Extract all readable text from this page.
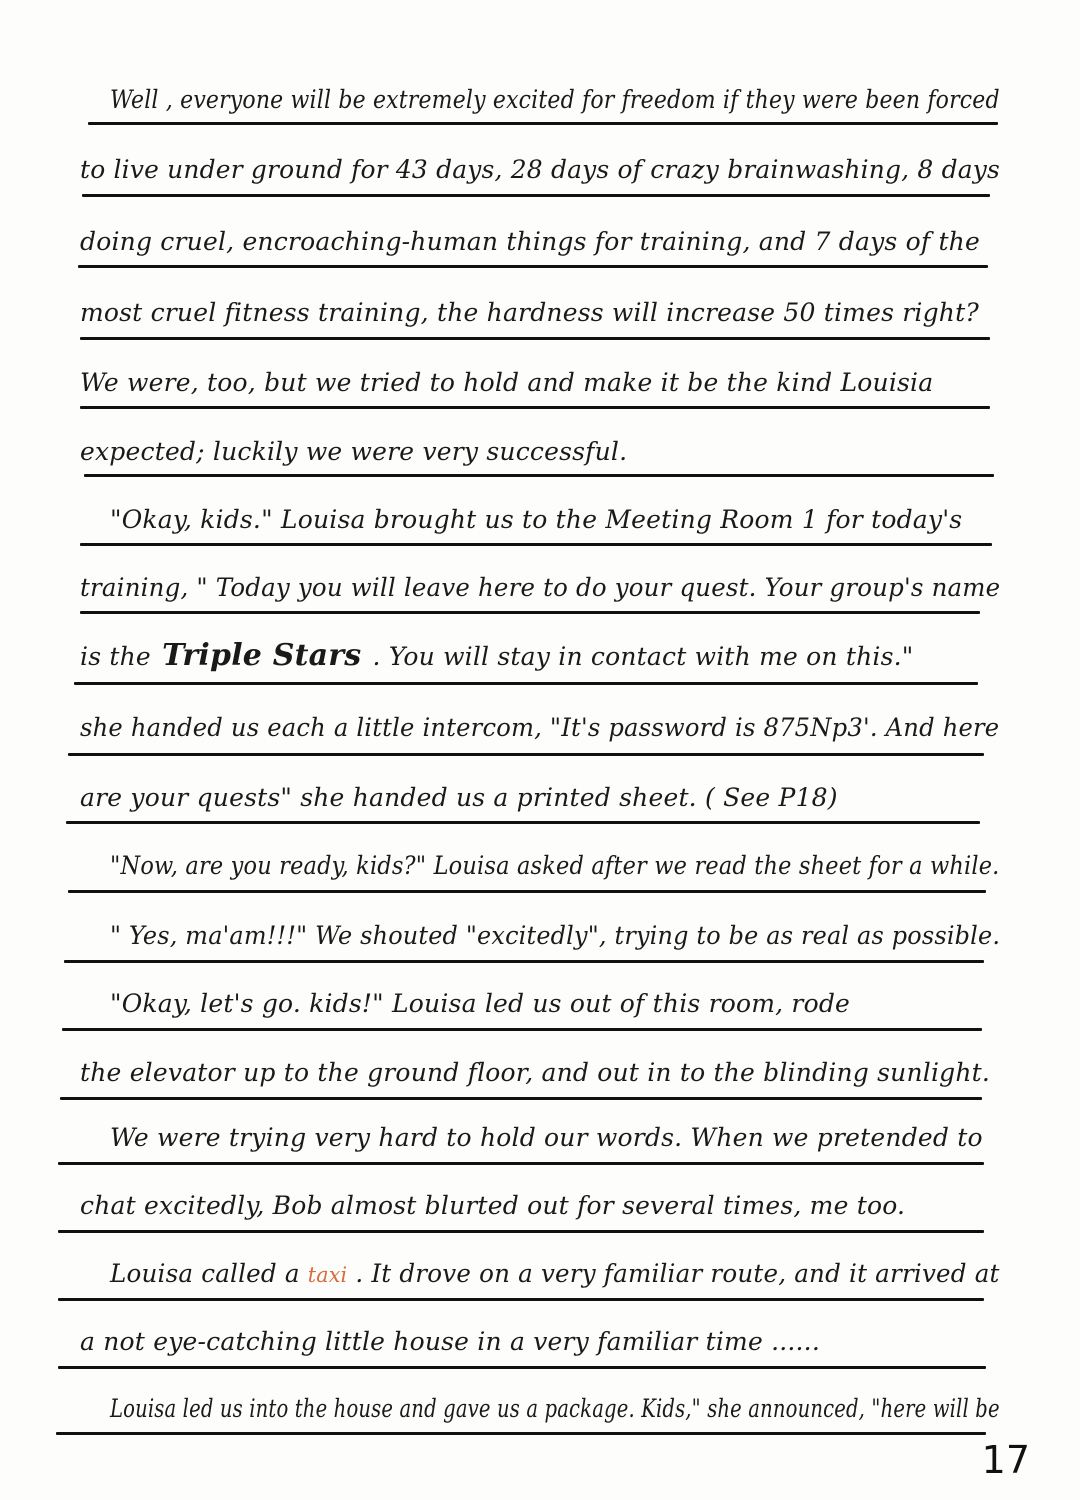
Well , everyone will be extremely excited for freedom if they were been forced
to live under ground for 43 days, 28 days of crazy brainwashing, 8 days
doing cruel, encroaching-human things for training, and 7 days of the
most cruel fitness training, the hardness will increase 50 times right?
We were, too, but we tried to hold and make it be the kind Louisia
expected; luckily we were very successful.
"Okay, kids." Louisa brought us to the Meeting Room 1 for today's
training, " Today you will leave here to do your quest. Your group's name
is the Triple Stars . You will stay in contact with me on this."
she handed us each a little intercom, "It's password is 875Np3'. And here
are your quests" she handed us a printed sheet. ( See P18)
"Now, are you ready, kids?" Louisa asked after we read the sheet for a while.
" Yes, ma'am!!!" We shouted "excitedly", trying to be as real as possible.
"Okay, let's go. kids!" Louisa led us out of this room, rode
the elevator up to the ground floor, and out in to the blinding sunlight.
We were trying very hard to hold our words. When we pretended to
chat excitedly, Bob almost blurted out for several times, me too.
Louisa called a taxi . It drove on a very familiar route, and it arrived at
a not eye-catching little house in a very familiar time ......
Louisa led us into the house and gave us a package. Kids," she announced, "here will be
17
